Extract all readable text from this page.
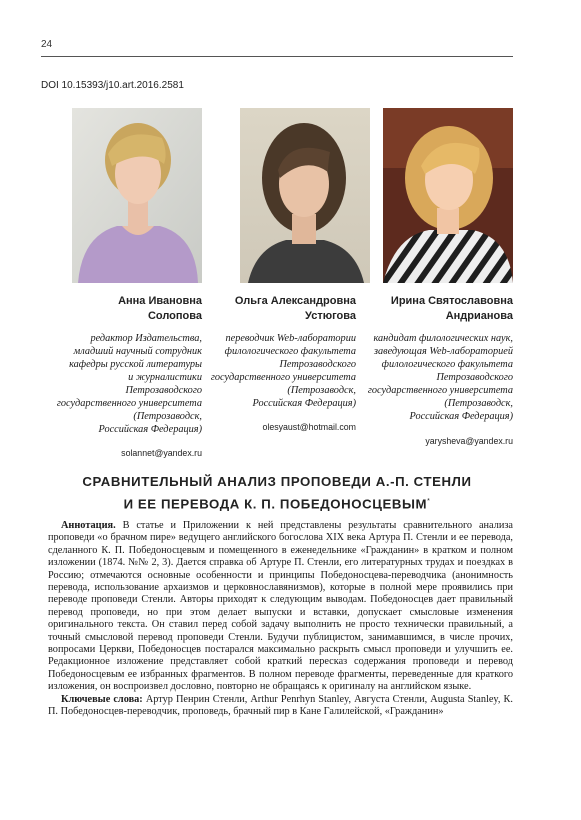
24
DOI 10.15393/j10.art.2016.2581
Анна Ивановна
Солопова
редактор Издательства,
младший научный сотрудник
кафедры русской литературы
и журналистики
Петрозаводского
государственного университета
(Петрозаводск,
Российская Федерация)
solannet@yandex.ru
Ольга Александровна
Устюгова
переводчик Web-лаборатории
филологического факультета
Петрозаводского
государственного университета
(Петрозаводск,
Российская Федерация)
olesyaust@hotmail.com
Ирина Святославовна
Андрианова
кандидат филологических наук,
заведующая Web-лабораторией
филологического факультета
Петрозаводского
государственного университета
(Петрозаводск,
Российская Федерация)
yarysheva@yandex.ru
СРАВНИТЕЛЬНЫЙ АНАЛИЗ ПРОПОВЕДИ А.-П. СТЕНЛИ
И ЕЕ ПЕРЕВОДА К. П. ПОБЕДОНОСЦЕВЫМ*

Аннотация. В статье и Приложении к ней представлены результаты сравнительного анализа проповеди «о брачном пире» ведущего английского богослова XIX века Артура П. Стенли и ее перевода, сделанного К. П. Победоносцевым и помещенного в еженедельнике «Гражданин» в кратком и полном изложении (1874. №№ 2, 3). Дается справка об Артуре П. Стенли, его литературных трудах и поездках в Россию; отмечаются основные особенности и принципы Победоносцева-переводчика (анонимность перевода, использование архаизмов и церковнославянизмов), которые в полной мере проявились при переводе проповеди Стенли. Авторы приходят к следующим выводам. Победоносцев дает правильный перевод проповеди, но при этом делает выпуски и вставки, допускает смысловые изменения оригинального текста. Он ставил перед собой задачу выполнить не просто технически правильный, а точный смысловой перевод проповеди Стенли. Будучи публицистом, занимавшимся, в числе прочих, вопросами Церкви, Победоносцев постарался максимально раскрыть смысл проповеди и улучшить ее. Редакционное изложение представляет собой краткий пересказ содержания проповеди и перевод Победоносцевым ее избранных фрагментов. В полном переводе фрагменты, переведенные для краткого изложения, он воспроизвел дословно, повторно не обращаясь к оригиналу на английском языке.

Ключевые слова: Артур Пенрин Стенли, Arthur Penrhyn Stanley, Августа Стенли, Augusta Stanley, К. П. Победоносцев-переводчик, проповедь, брачный пир в Кане Галилейской, «Гражданин»
